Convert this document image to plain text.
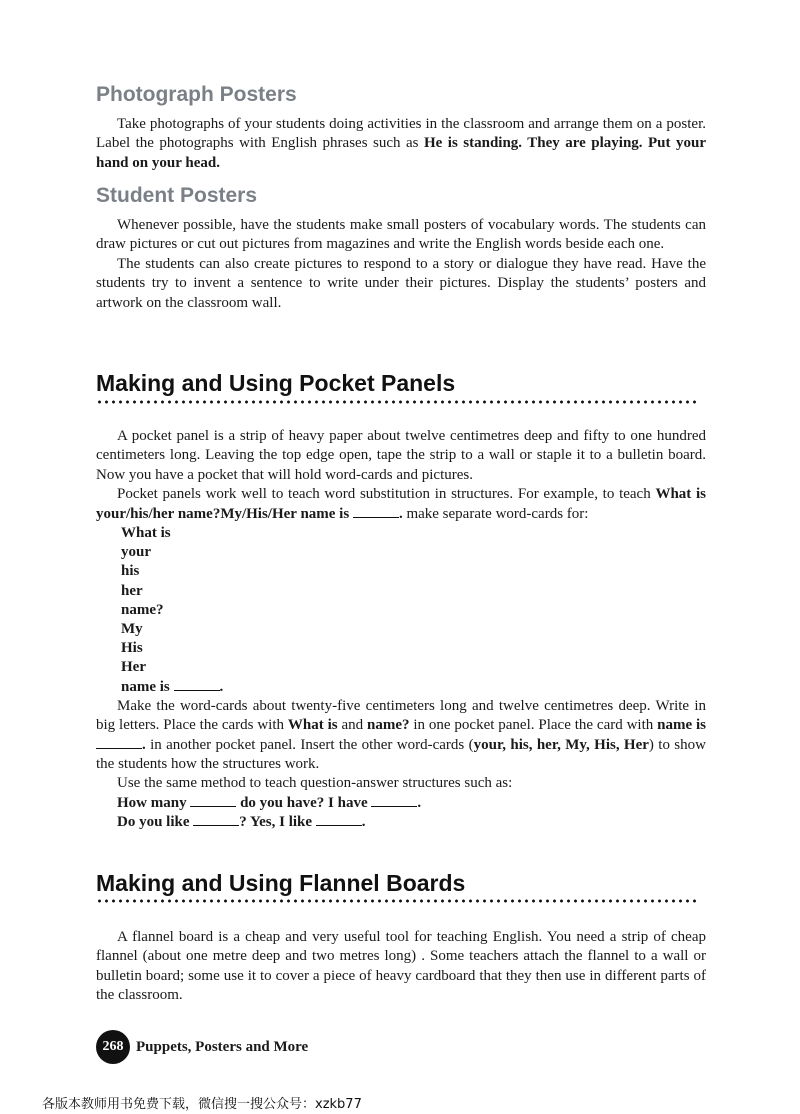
Photograph Posters

Take photographs of your students doing activities in the classroom and arrange them on a poster. Label the photographs with English phrases such as He is standing. They are playing. Put your hand on your head.

Student Posters

Whenever possible, have the students make small posters of vocabulary words. The students can draw pictures or cut out pictures from magazines and write the English words beside each one.

The students can also create pictures to respond to a story or dialogue they have read. Have the students try to invent a sentence to write under their pictures. Display the students’ posters and artwork on the classroom wall.

Making and Using Pocket Panels

A pocket panel is a strip of heavy paper about twelve centimetres deep and fifty to one hundred centimeters long. Leaving the top edge open, tape the strip to a wall or staple it to a bulletin board. Now you have a pocket that will hold word-cards and pictures.

Pocket panels work well to teach word substitution in structures. For example, to teach What is your/his/her name?My/His/Her name is	. make separate word-cards for:

What is
your
his
her
name?
My
His
Her
name is	.

Make the word-cards about twenty-five centimeters long and twelve centimetres deep. Write in big letters. Place the cards with What is and name? in one pocket panel. Place the card with name is . in another pocket panel. Insert the other word-cards (your, his, her, My, His, Her) to show the students how the structures work.

Use the same method to teach question-answer structures such as:

How many	do you have? I have	.

Do you like	? Yes, I like	.

Making and Using Flannel Boards

A flannel board is a cheap and very useful tool for teaching English. You need a strip of cheap flannel (about one metre deep and two metres long) . Some teachers attach the flannel to a wall or bulletin board; some use it to cover a piece of heavy cardboard that they then use in different parts of the classroom.

268 Puppets, Posters and More
各版本教师用书免费下载，微信搜一搜公众号：xzkb77
